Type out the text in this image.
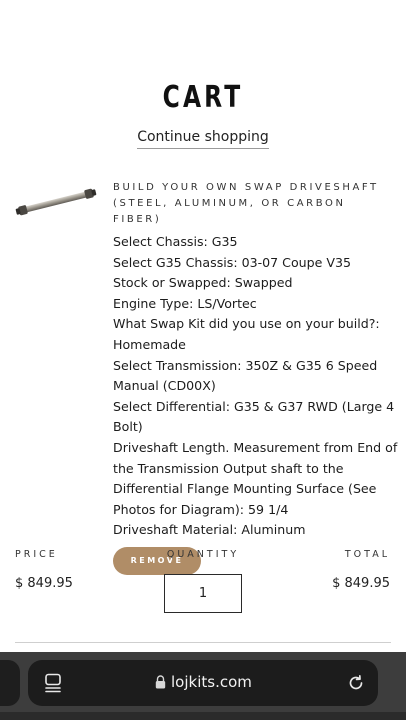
CART
Continue shopping
BUILD YOUR OWN SWAP DRIVESHAFT
(STEEL, ALUMINUM, OR CARBON FIBER)
Select Chassis: G35
Select G35 Chassis: 03-07 Coupe V35
Stock or Swapped: Swapped
Engine Type: LS/Vortec
What Swap Kit did you use on your build?:
Homemade
Select Transmission: 350Z & G35 6 Speed
Manual (CD00X)
Select Differential: G35 & G37 RWD (Large 4
Bolt)
Driveshaft Length. Measurement from End of
the Transmission Output shaft to the
Differential Flange Mounting Surface (See
Photos for Diagram): 59 1/4
Driveshaft Material: Aluminum
REMOVE
PRICE	QUANTITY	TOTAL
$ 849.95
1
$ 849.95
lojkits.com
